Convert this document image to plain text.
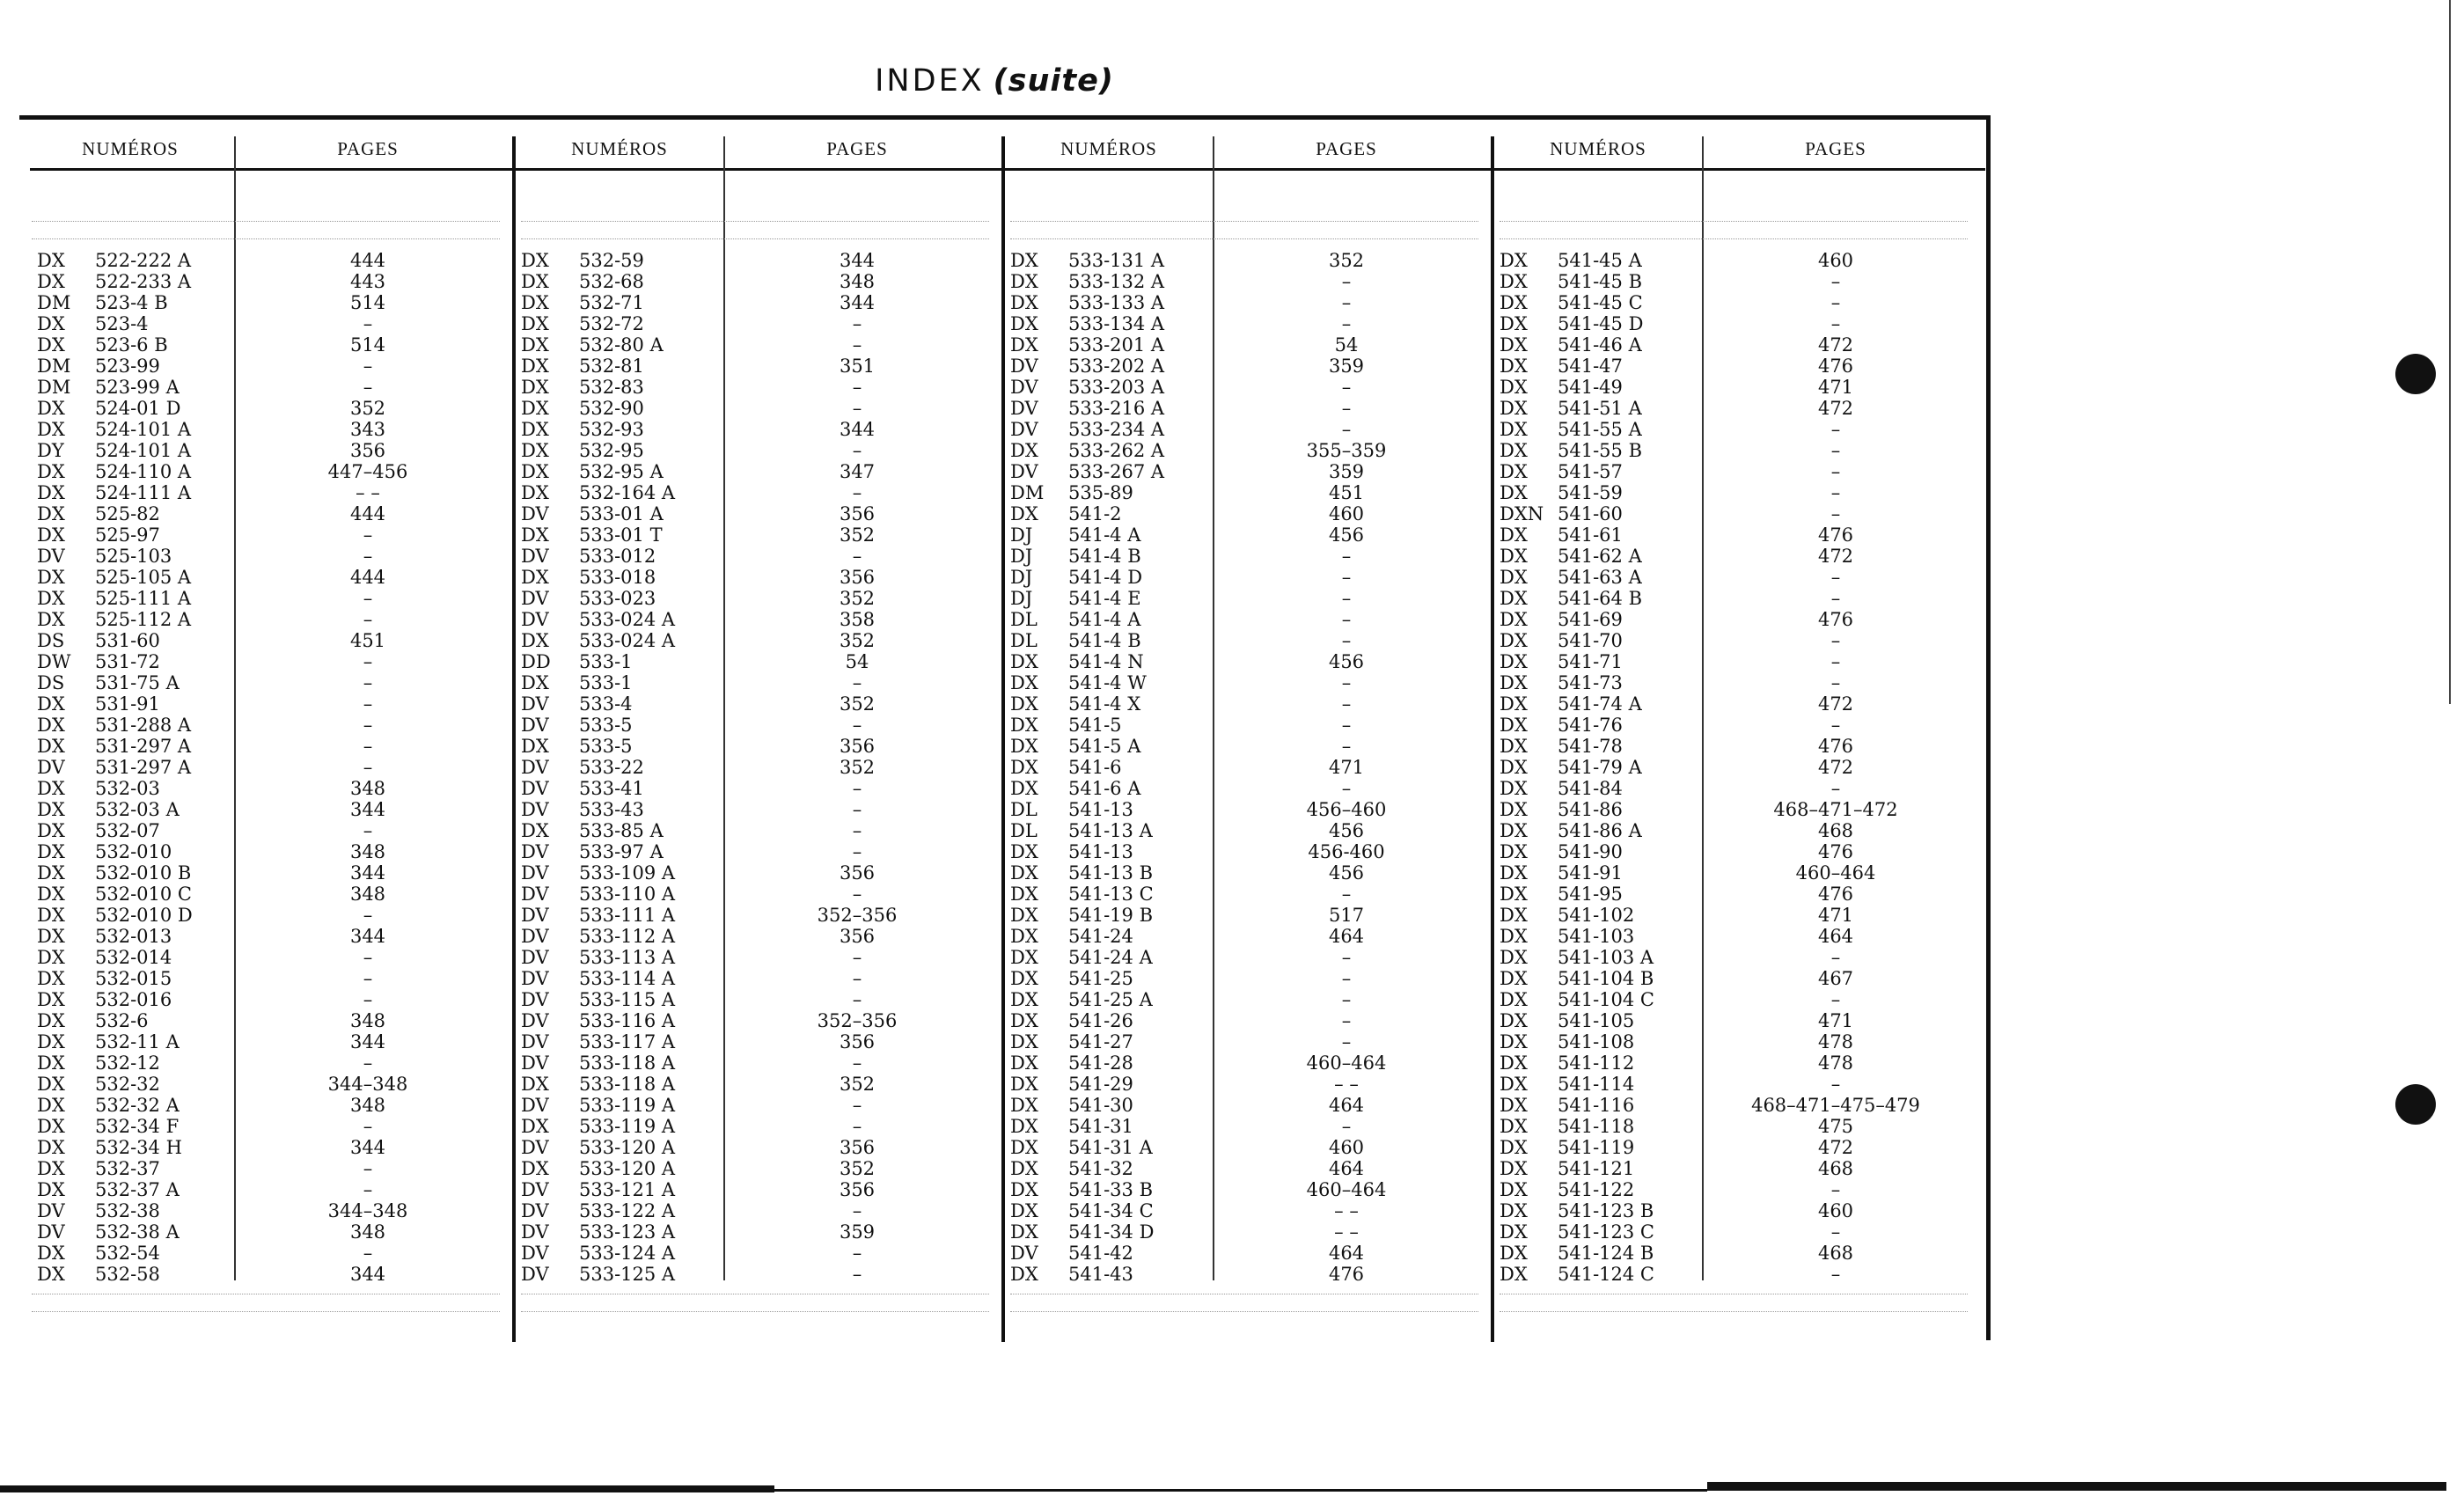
INDEX (suite)
NUMÉROS	PAGES
DX 522-222 A	444
DX 522-233 A	443
DM 523-4 B	514
DX 523-4	–
DX 523-6 B	514
DM 523-99	–
DM 523-99 A	–
DX 524-01 D	352
DX 524-101 A	343
DY 524-101 A	356
DX 524-110 A	447–456
DX 524-111 A	– –
DX 525-82	444
DX 525-97	–
DV 525-103	–
DX 525-105 A	444
DX 525-111 A	–
DX 525-112 A	–
DS 531-60	451
DW 531-72	–
DS 531-75 A	–
DX 531-91	–
DX 531-288 A	–
DX 531-297 A	–
DV 531-297 A	–
DX 532-03	348
DX 532-03 A	344
DX 532-07	–
DX 532-010	348
DX 532-010 B	344
DX 532-010 C	348
DX 532-010 D	–
DX 532-013	344
DX 532-014	–
DX 532-015	–
DX 532-016	–
DX 532-6	348
DX 532-11 A	344
DX 532-12	–
DX 532-32	344–348
DX 532-32 A	348
DX 532-34 F	–
DX 532-34 H	344
DX 532-37	–
DX 532-37 A	–
DV 532-38	344–348
DV 532-38 A	348
DX 532-54	–
DX 532-58	344
NUMÉROS	PAGES
DX 532-59	344
DX 532-68	348
DX 532-71	344
DX 532-72	–
DX 532-80 A	–
DX 532-81	351
DX 532-83	–
DX 532-90	–
DX 532-93	344
DX 532-95	–
DX 532-95 A	347
DX 532-164 A	–
DV 533-01 A	356
DX 533-01 T	352
DV 533-012	–
DX 533-018	356
DV 533-023	352
DV 533-024 A	358
DX 533-024 A	352
DD 533-1	54
DX 533-1	–
DV 533-4	352
DV 533-5	–
DX 533-5	356
DV 533-22	352
DV 533-41	–
DV 533-43	–
DX 533-85 A	–
DV 533-97 A	–
DV 533-109 A	356
DV 533-110 A	–
DV 533-111 A	352–356
DV 533-112 A	356
DV 533-113 A	–
DV 533-114 A	–
DV 533-115 A	–
DV 533-116 A	352–356
DV 533-117 A	356
DV 533-118 A	–
DX 533-118 A	352
DV 533-119 A	–
DX 533-119 A	–
DV 533-120 A	356
DX 533-120 A	352
DV 533-121 A	356
DV 533-122 A	–
DV 533-123 A	359
DV 533-124 A	–
DV 533-125 A	–
NUMÉROS	PAGES
DX 533-131 A	352
DX 533-132 A	–
DX 533-133 A	–
DX 533-134 A	–
DX 533-201 A	54
DV 533-202 A	359
DV 533-203 A	–
DV 533-216 A	–
DV 533-234 A	–
DX 533-262 A	355–359
DV 533-267 A	359
DM 535-89	451
DX 541-2	460
DJ 541-4 A	456
DJ 541-4 B	–
DJ 541-4 D	–
DJ 541-4 E	–
DL 541-4 A	–
DL 541-4 B	–
DX 541-4 N	456
DX 541-4 W	–
DX 541-4 X	–
DX 541-5	–
DX 541-5 A	–
DX 541-6	471
DX 541-6 A	–
DL 541-13	456–460
DL 541-13 A	456
DX 541-13	456-460
DX 541-13 B	456
DX 541-13 C	–
DX 541-19 B	517
DX 541-24	464
DX 541-24 A	–
DX 541-25	–
DX 541-25 A	–
DX 541-26	–
DX 541-27	–
DX 541-28	460–464
DX 541-29	– –
DX 541-30	464
DX 541-31	–
DX 541-31 A	460
DX 541-32	464
DX 541-33 B	460–464
DX 541-34 C	– –
DX 541-34 D	– –
DV 541-42	464
DX 541-43	476
NUMÉROS	PAGES
DX 541-45 A	460
DX 541-45 B	–
DX 541-45 C	–
DX 541-45 D	–
DX 541-46 A	472
DX 541-47	476
DX 541-49	471
DX 541-51 A	472
DX 541-55 A	–
DX 541-55 B	–
DX 541-57	–
DX 541-59	–
DXN 541-60	–
DX 541-61	476
DX 541-62 A	472
DX 541-63 A	–
DX 541-64 B	–
DX 541-69	476
DX 541-70	–
DX 541-71	–
DX 541-73	–
DX 541-74 A	472
DX 541-76	–
DX 541-78	476
DX 541-79 A	472
DX 541-84	–
DX 541-86	468–471–472
DX 541-86 A	468
DX 541-90	476
DX 541-91	460–464
DX 541-95	476
DX 541-102	471
DX 541-103	464
DX 541-103 A	–
DX 541-104 B	467
DX 541-104 C	–
DX 541-105	471
DX 541-108	478
DX 541-112	478
DX 541-114	–
DX 541-116	468–471–475–479
DX 541-118	475
DX 541-119	472
DX 541-121	468
DX 541-122	–
DX 541-123 B	460
DX 541-123 C	–
DX 541-124 B	468
DX 541-124 C	–
